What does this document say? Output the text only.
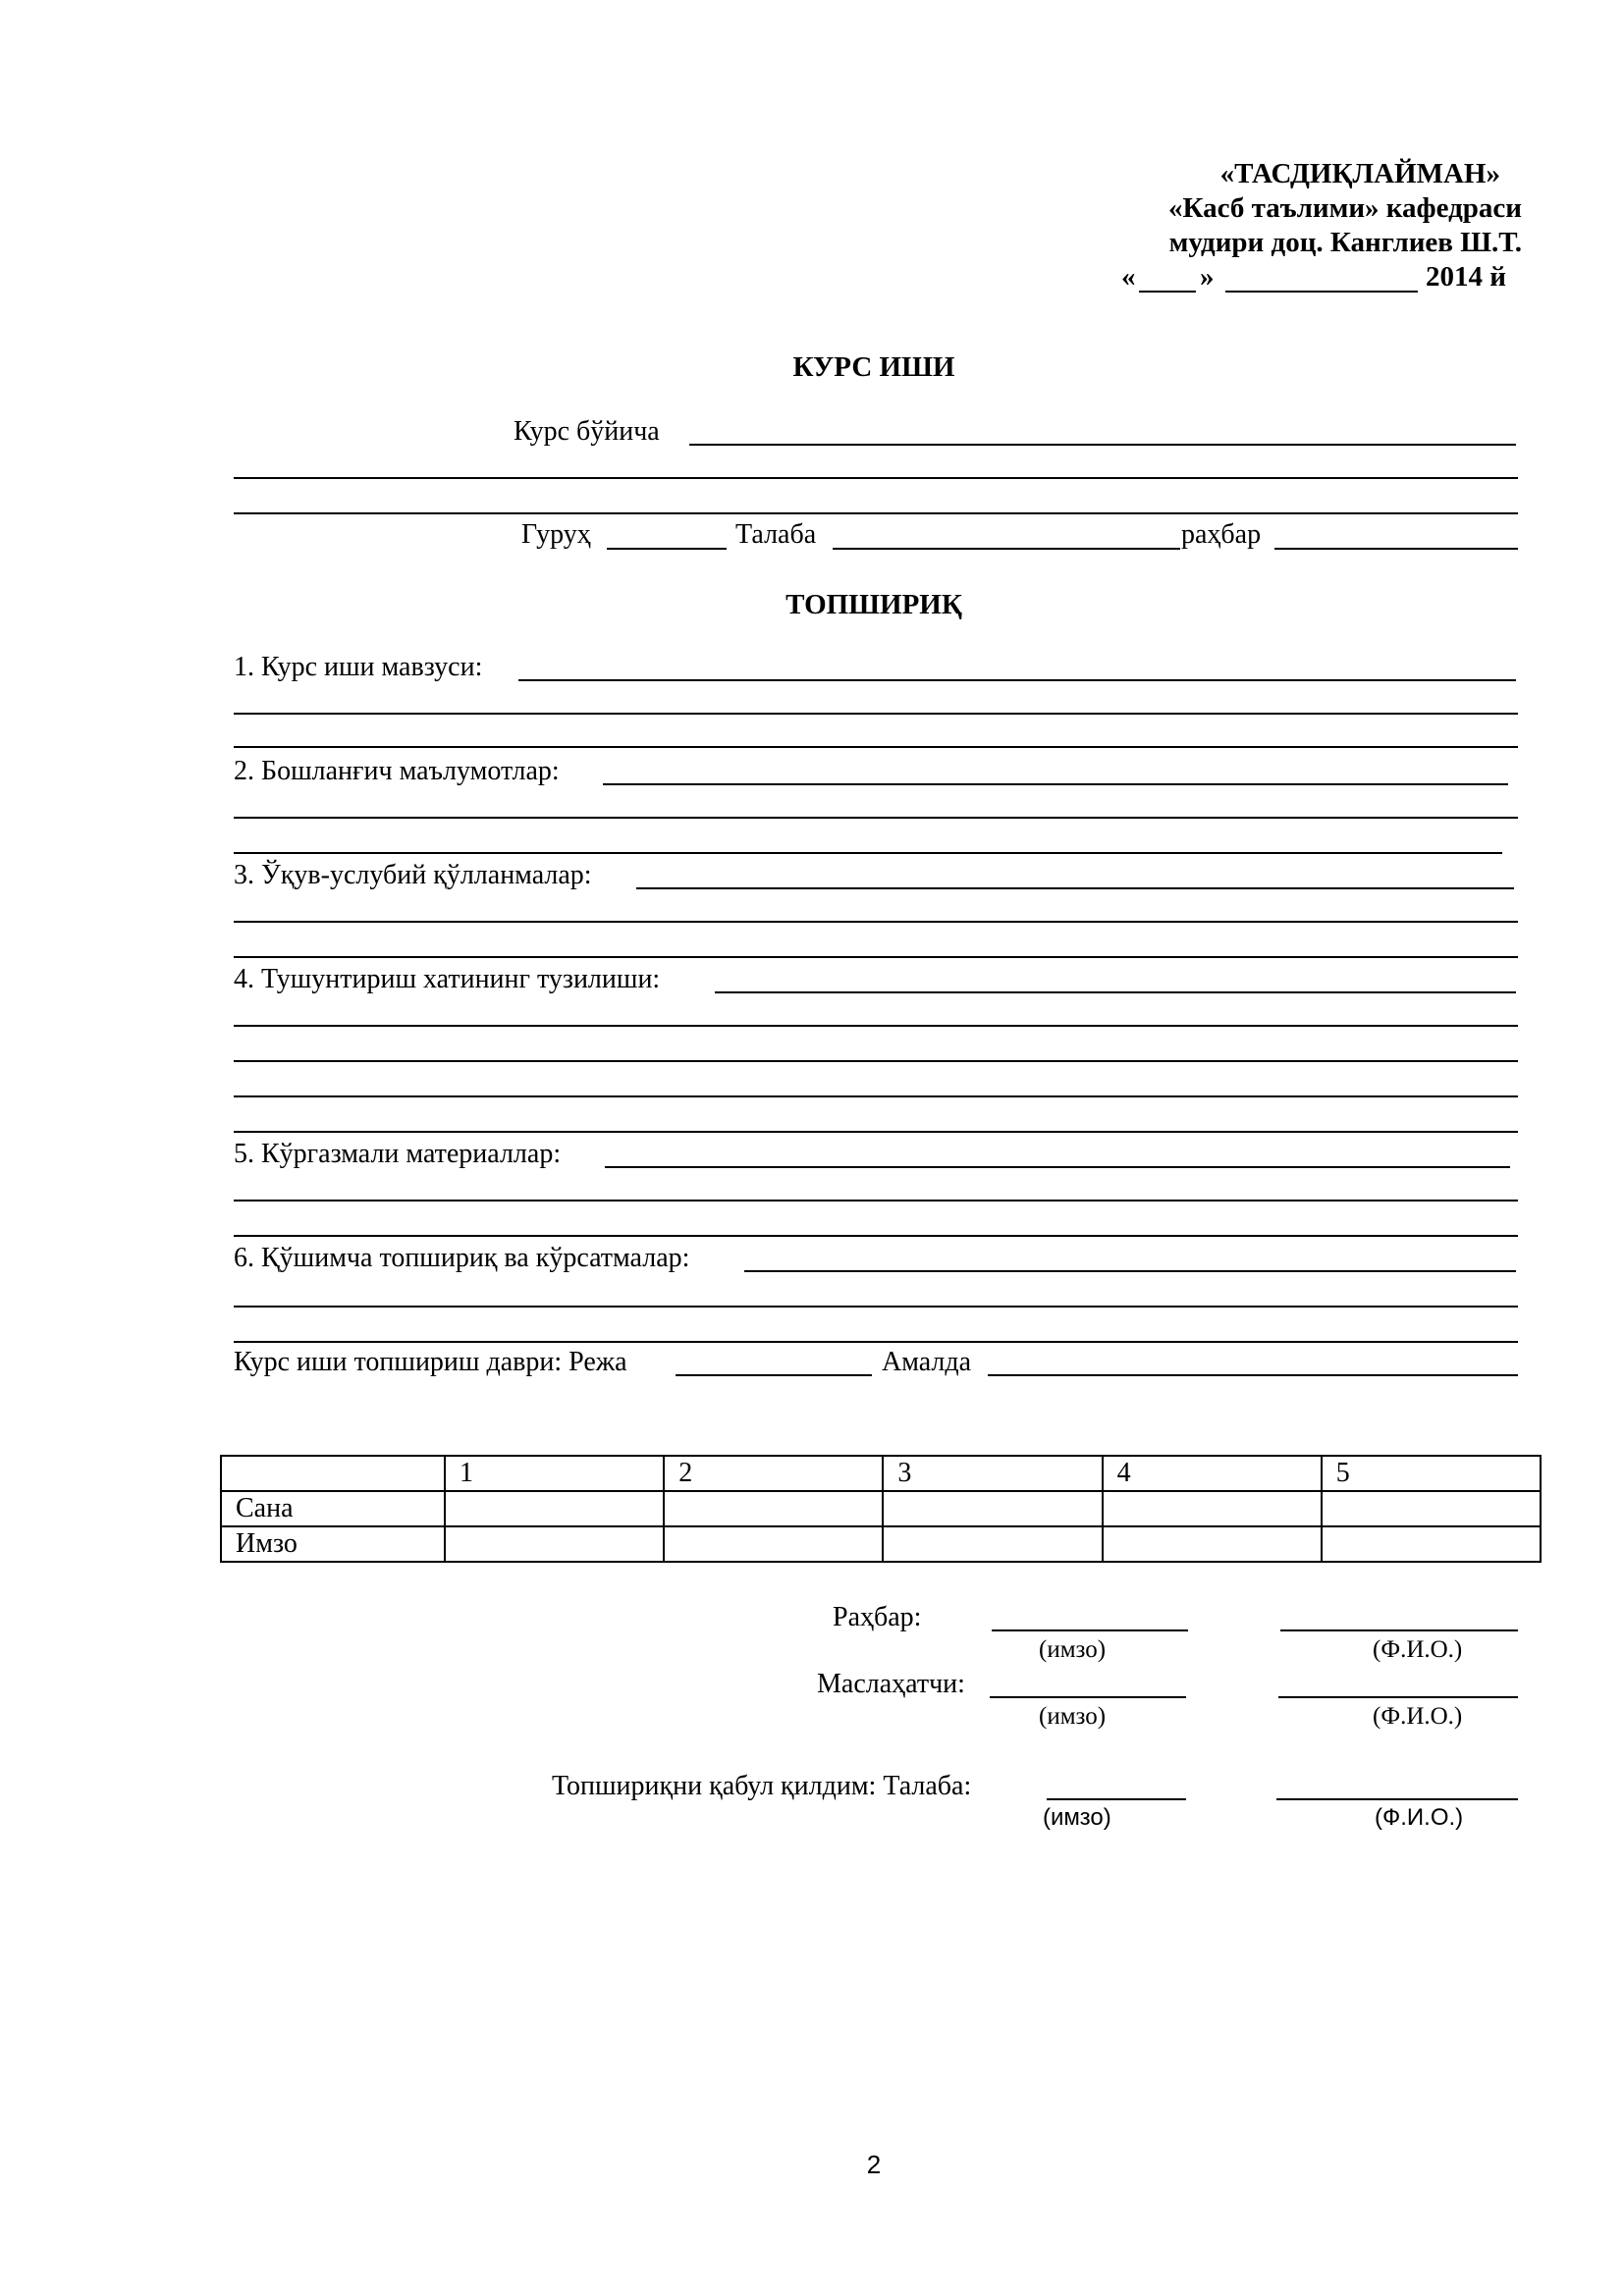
«ТАСДИҚЛАЙМАН»
«Касб таълими» кафедраси
мудири доц. Канглиев Ш.Т.
« »	2014 й
КУРС ИШИ
Курс бўйича
Гуруҳ	Талаба	раҳбар
ТОПШИРИҚ
1. Курс иши мавзуси:
2. Бошланғич маълумотлар:
3. Ўқув-услубий қўлланмалар:
4. Тушунтириш хатининг тузилиши:
5. Кўргазмали материаллар:
6. Қўшимча топшириқ ва кўрсатмалар:
Курс иши топшириш даври: Режа	Амалда
	1	2	3	4	5
Сана					
Имзо					
Раҳбар:
(имзо)	(Ф.И.О.)
Маслаҳатчи:
(имзо)	(Ф.И.О.)
Топшириқни қабул қилдим: Талаба:
(имзо)	(Ф.И.О.)
2
